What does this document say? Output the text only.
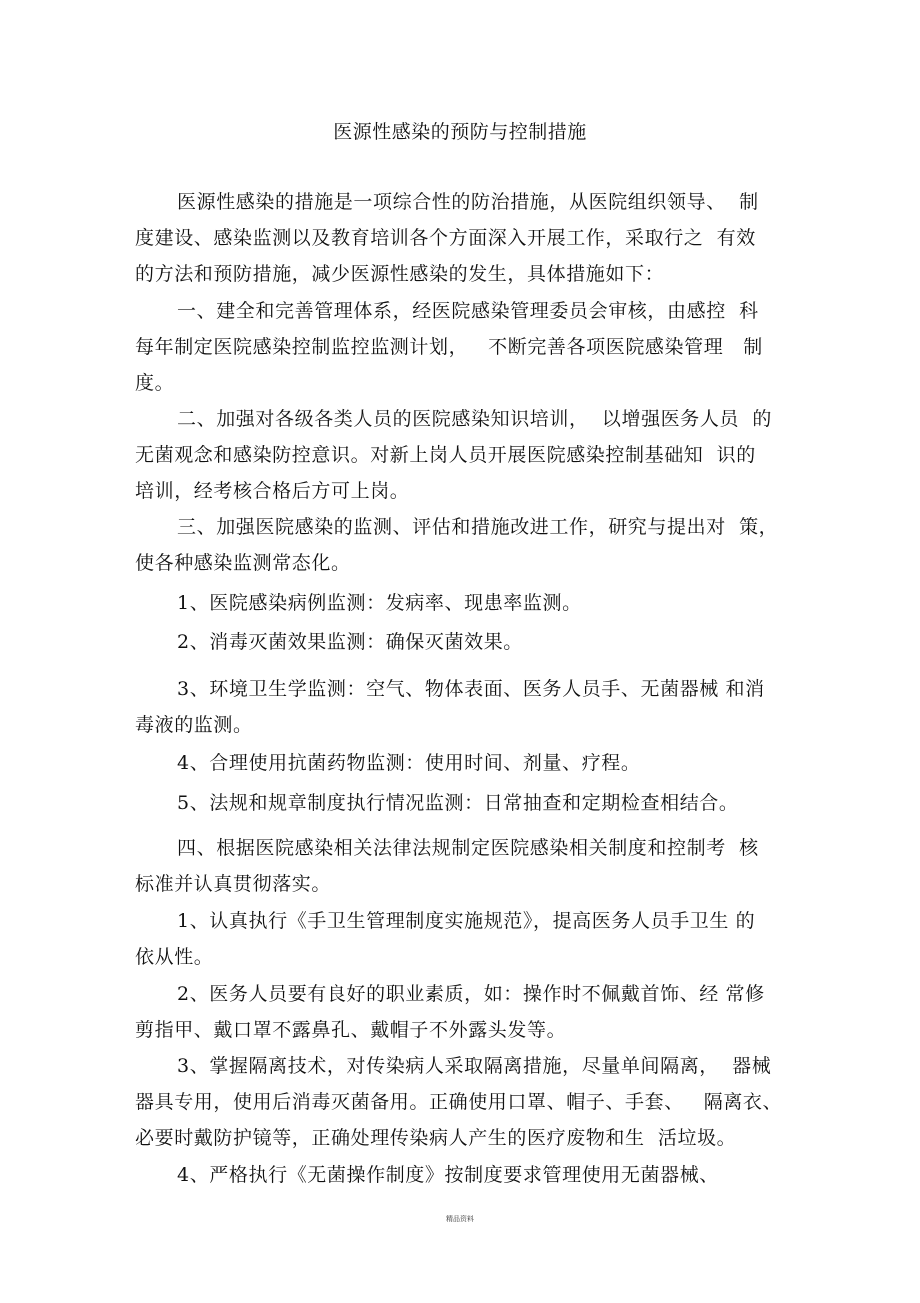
医源性感染的预防与控制措施
医源性感染的措施是一项综合性的防治措施，从医院组织领导、  制
度建设、感染监测以及教育培训各个方面深入开展工作，采取行之  有效
的方法和预防措施，减少医源性感染的发生，具体措施如下：
一、建全和完善管理体系，经医院感染管理委员会审核，由感控  科
每年制定医院感染控制监控监测计划，   不断完善各项医院感染管理   制
度。
二、加强对各级各类人员的医院感染知识培训，  以增强医务人员  的
无菌观念和感染防控意识。对新上岗人员开展医院感染控制基础知  识的
培训，经考核合格后方可上岗。
三、加强医院感染的监测、评估和措施改进工作，研究与提出对  策，
使各种感染监测常态化。
1、医院感染病例监测：发病率、现患率监测。
2、消毒灭菌效果监测：确保灭菌效果。
3、环境卫生学监测：空气、物体表面、医务人员手、无菌器械 和消
毒液的监测。
4、合理使用抗菌药物监测：使用时间、剂量、疗程。
5、法规和规章制度执行情况监测：日常抽查和定期检查相结合。
四、根据医院感染相关法律法规制定医院感染相关制度和控制考  核
标准并认真贯彻落实。
1、认真执行《手卫生管理制度实施规范》，提高医务人员手卫生 的
依从性。
2、医务人员要有良好的职业素质，如：操作时不佩戴首饰、经 常修
剪指甲、戴口罩不露鼻孔、戴帽子不外露头发等。
3、掌握隔离技术，对传染病人采取隔离措施，尽量单间隔离，  器械
器具专用，使用后消毒灭菌备用。正确使用口罩、帽子、手套、   隔离衣、
必要时戴防护镜等，正确处理传染病人产生的医疗废物和生  活垃圾。
4、严格执行《无菌操作制度》按制度要求管理使用无菌器械、
精品资料
